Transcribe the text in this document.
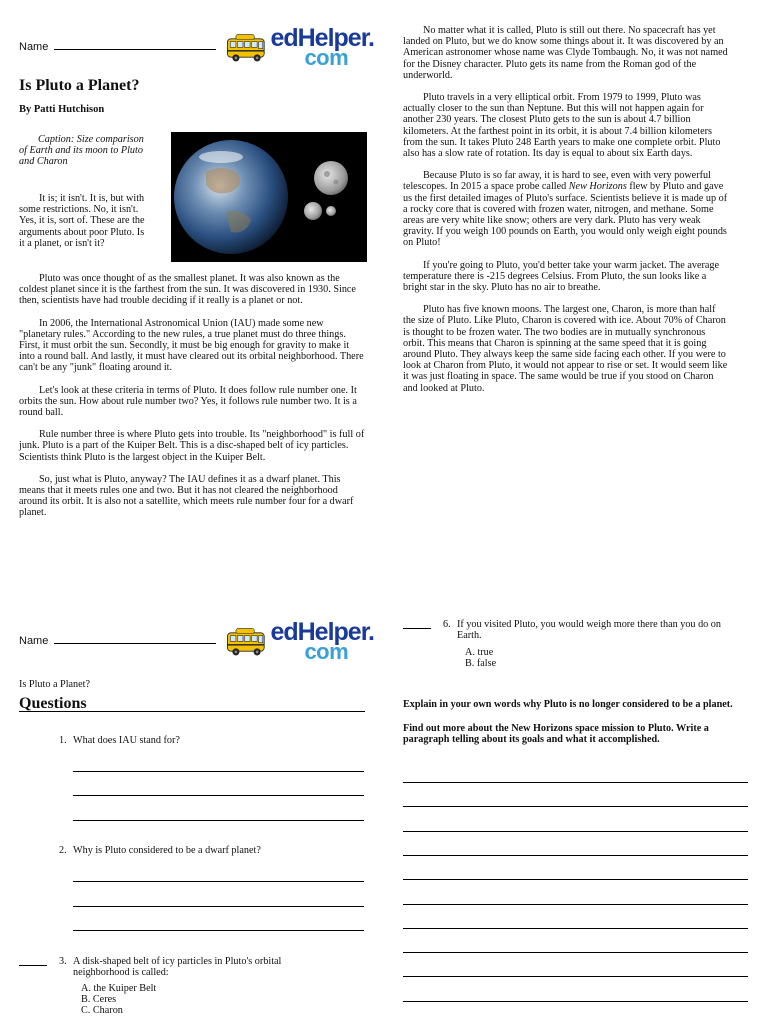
Name	edHelper.
com
Is Pluto a Planet?
By Patti Hutchison
Caption: Size comparison of Earth and its moon to Pluto and Charon

It is; it isn't. It is, but with some restrictions. No, it isn't. Yes, it is, sort of. These are the arguments about poor Pluto. Is it a planet, or isn't it?

Pluto was once thought of as the smallest planet. It was also known as the coldest planet since it is the farthest from the sun. It was discovered in 1930. Since then, scientists have had trouble deciding if it really is a planet or not.

In 2006, the International Astronomical Union (IAU) made some new "planetary rules." According to the new rules, a true planet must do three things. First, it must orbit the sun. Secondly, it must be big enough for gravity to make it into a round ball. And lastly, it must have cleared out its orbital neighborhood. There can't be any "junk" floating around it.

Let's look at these criteria in terms of Pluto. It does follow rule number one. It orbits the sun. How about rule number two? Yes, it follows rule number two. It is a round ball.

Rule number three is where Pluto gets into trouble. Its "neighborhood" is full of junk. Pluto is a part of the Kuiper Belt. This is a disc-shaped belt of icy particles. Scientists think Pluto is the largest object in the Kuiper Belt.

So, just what is Pluto, anyway? The IAU defines it as a dwarf planet. This means that it meets rules one and two. But it has not cleared the neighborhood around its orbit. It is also not a satellite, which meets rule number four for a dwarf planet.

No matter what it is called, Pluto is still out there. No spacecraft has yet landed on Pluto, but we do know some things about it. It was discovered by an American astronomer whose name was Clyde Tombaugh. No, it was not named for the Disney character. Pluto gets its name from the Roman god of the underworld.

Pluto travels in a very elliptical orbit. From 1979 to 1999, Pluto was actually closer to the sun than Neptune. But this will not happen again for another 230 years. The closest Pluto gets to the sun is about 4.7 billion kilometers. At the farthest point in its orbit, it is about 7.4 billion kilometers from the sun. It takes Pluto 248 Earth years to make one complete orbit. Pluto also has a slow rate of rotation. Its day is equal to about six Earth days.

Because Pluto is so far away, it is hard to see, even with very powerful telescopes. In 2015 a space probe called New Horizons flew by Pluto and gave us the first detailed images of Pluto's surface. Scientists believe it is made up of a rocky core that is covered with frozen water, nitrogen, and methane. Some areas are very white like snow; others are very dark. Pluto has very weak gravity. If you weigh 100 pounds on Earth, you would only weigh eight pounds on Pluto!

If you're going to Pluto, you'd better take your warm jacket. The average temperature there is -215 degrees Celsius. From Pluto, the sun looks like a bright star in the sky. Pluto has no air to breathe.

Pluto has five known moons. The largest one, Charon, is more than half the size of Pluto. Like Pluto, Charon is covered with ice. About 70% of Charon is thought to be frozen water. The two bodies are in mutually synchronous orbit. This means that Charon is spinning at the same speed that it is going around Pluto. They always keep the same side facing each other. If you were to look at Charon from Pluto, it would not appear to rise or set. It would seem like it was just floating in space. The same would be true if you stood on Charon and looked at Pluto.

Name	edHelper.
com
Is Pluto a Planet?
Questions
1. What does IAU stand for?
2. Why is Pluto considered to be a dwarf planet?
3. A disk-shaped belt of icy particles in Pluto's orbital neighborhood is called:
A. the Kuiper Belt
B. Ceres
C. Charon
6. If you visited Pluto, you would weigh more there than you do on Earth.
A. true
B. false
Explain in your own words why Pluto is no longer considered to be a planet.
Find out more about the New Horizons space mission to Pluto. Write a paragraph telling about its goals and what it accomplished.
